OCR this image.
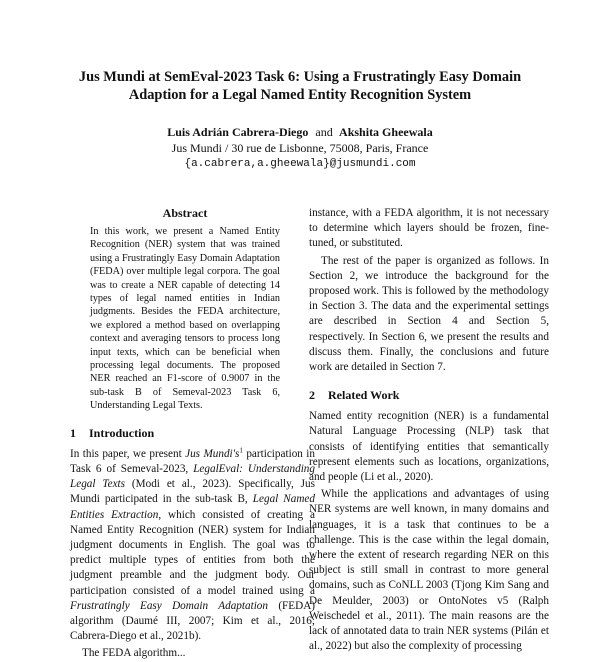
Jus Mundi at SemEval-2023 Task 6: Using a Frustratingly Easy Domain
Adaption for a Legal Named Entity Recognition System
Luis Adrián Cabrera-Diego and Akshita Gheewala
Jus Mundi / 30 rue de Lisbonne, 75008, Paris, France
{a.cabrera,a.gheewala}@jusmundi.com
Abstract

In this work, we present a Named Entity Recognition (NER) system that was trained using a Frustratingly Easy Domain Adaptation (FEDA) over multiple legal corpora. The goal was to create a NER capable of detecting 14 types of legal named entities in Indian judgments. Besides the FEDA architecture, we explored a method based on overlapping context and averaging tensors to process long input texts, which can be beneficial when processing legal documents. The proposed NER reached an F1-score of 0.9007 in the sub-task B of Semeval-2023 Task 6, Understanding Legal Texts.

1 Introduction

In this paper, we present Jus $Mundi's^1$ participation in Task 6 of Semeval-2023, LegalEval: Understanding Legal Texts (Modi et al., 2023). Specifically, Jus Mundi participated in the sub-task B, Legal Named Entities Extraction, which consisted of creating a Named Entity Recognition (NER) system for Indian judgment documents in English. The goal was to predict multiple types of entities from both the judgment preamble and the judgment body. Our participation consisted of a model trained using a Frustratingly Easy Domain Adaptation (FEDA) algorithm (Daumé III, 2007; Kim et al., 2016; Cabrera-Diego et al., 2021b).

The FEDA algorithm...

instance, with a FEDA algorithm, it is not necessary to determine which layers should be frozen, fine-tuned, or substituted.

The rest of the paper is organized as follows. In Section 2, we introduce the background for the proposed work. This is followed by the methodology in Section 3. The data and the experimental settings are described in Section 4 and Section 5, respectively. In Section 6, we present the results and discuss them. Finally, the conclusions and future work are detailed in Section 7.

2 Related Work

Named entity recognition (NER) is a fundamental Natural Language Processing (NLP) task that consists of identifying entities that semantically represent elements such as locations, organizations, and people (Li et al., 2020).

While the applications and advantages of using NER systems are well known, in many domains and languages, it is a task that continues to be a challenge. This is the case within the legal domain, where the extent of research regarding NER on this subject is still small in contrast to more general domains, such as CoNLL 2003 (Tjong Kim Sang and De Meulder, 2003) or OntoNotes v5 (Ralph Weischedel et al., 2011). The main reasons are the lack of annotated data to train NER systems (Pilán et al., 2022) but also the complexity of processing
